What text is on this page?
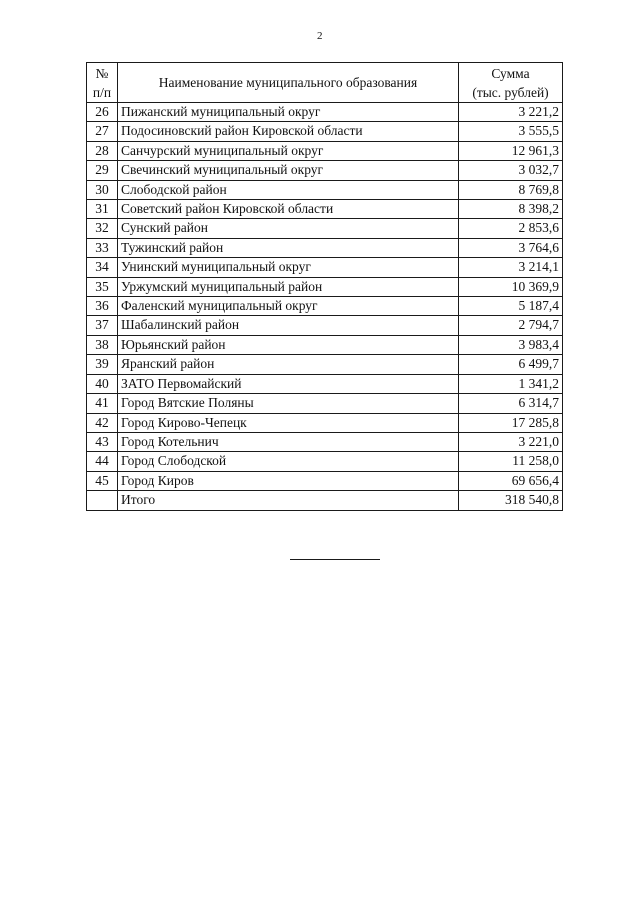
2
№
п/п	Наименование муниципального образования	Сумма
(тыс. рублей)
26	Пижанский муниципальный округ	3 221,2
27	Подосиновский район Кировской области	3 555,5
28	Санчурский муниципальный округ	12 961,3
29	Свечинский муниципальный округ	3 032,7
30	Слободской район	8 769,8
31	Советский район Кировской области	8 398,2
32	Сунский район	2 853,6
33	Тужинский район	3 764,6
34	Унинский муниципальный округ	3 214,1
35	Уржумский муниципальный район	10 369,9
36	Фаленский муниципальный округ	5 187,4
37	Шабалинский район	2 794,7
38	Юрьянский район	3 983,4
39	Яранский район	6 499,7
40	ЗАТО Первомайский	1 341,2
41	Город Вятские Поляны	6 314,7
42	Город Кирово-Чепецк	17 285,8
43	Город Котельнич	3 221,0
44	Город Слободской	11 258,0
45	Город Киров	69 656,4
	Итого	318 540,8
